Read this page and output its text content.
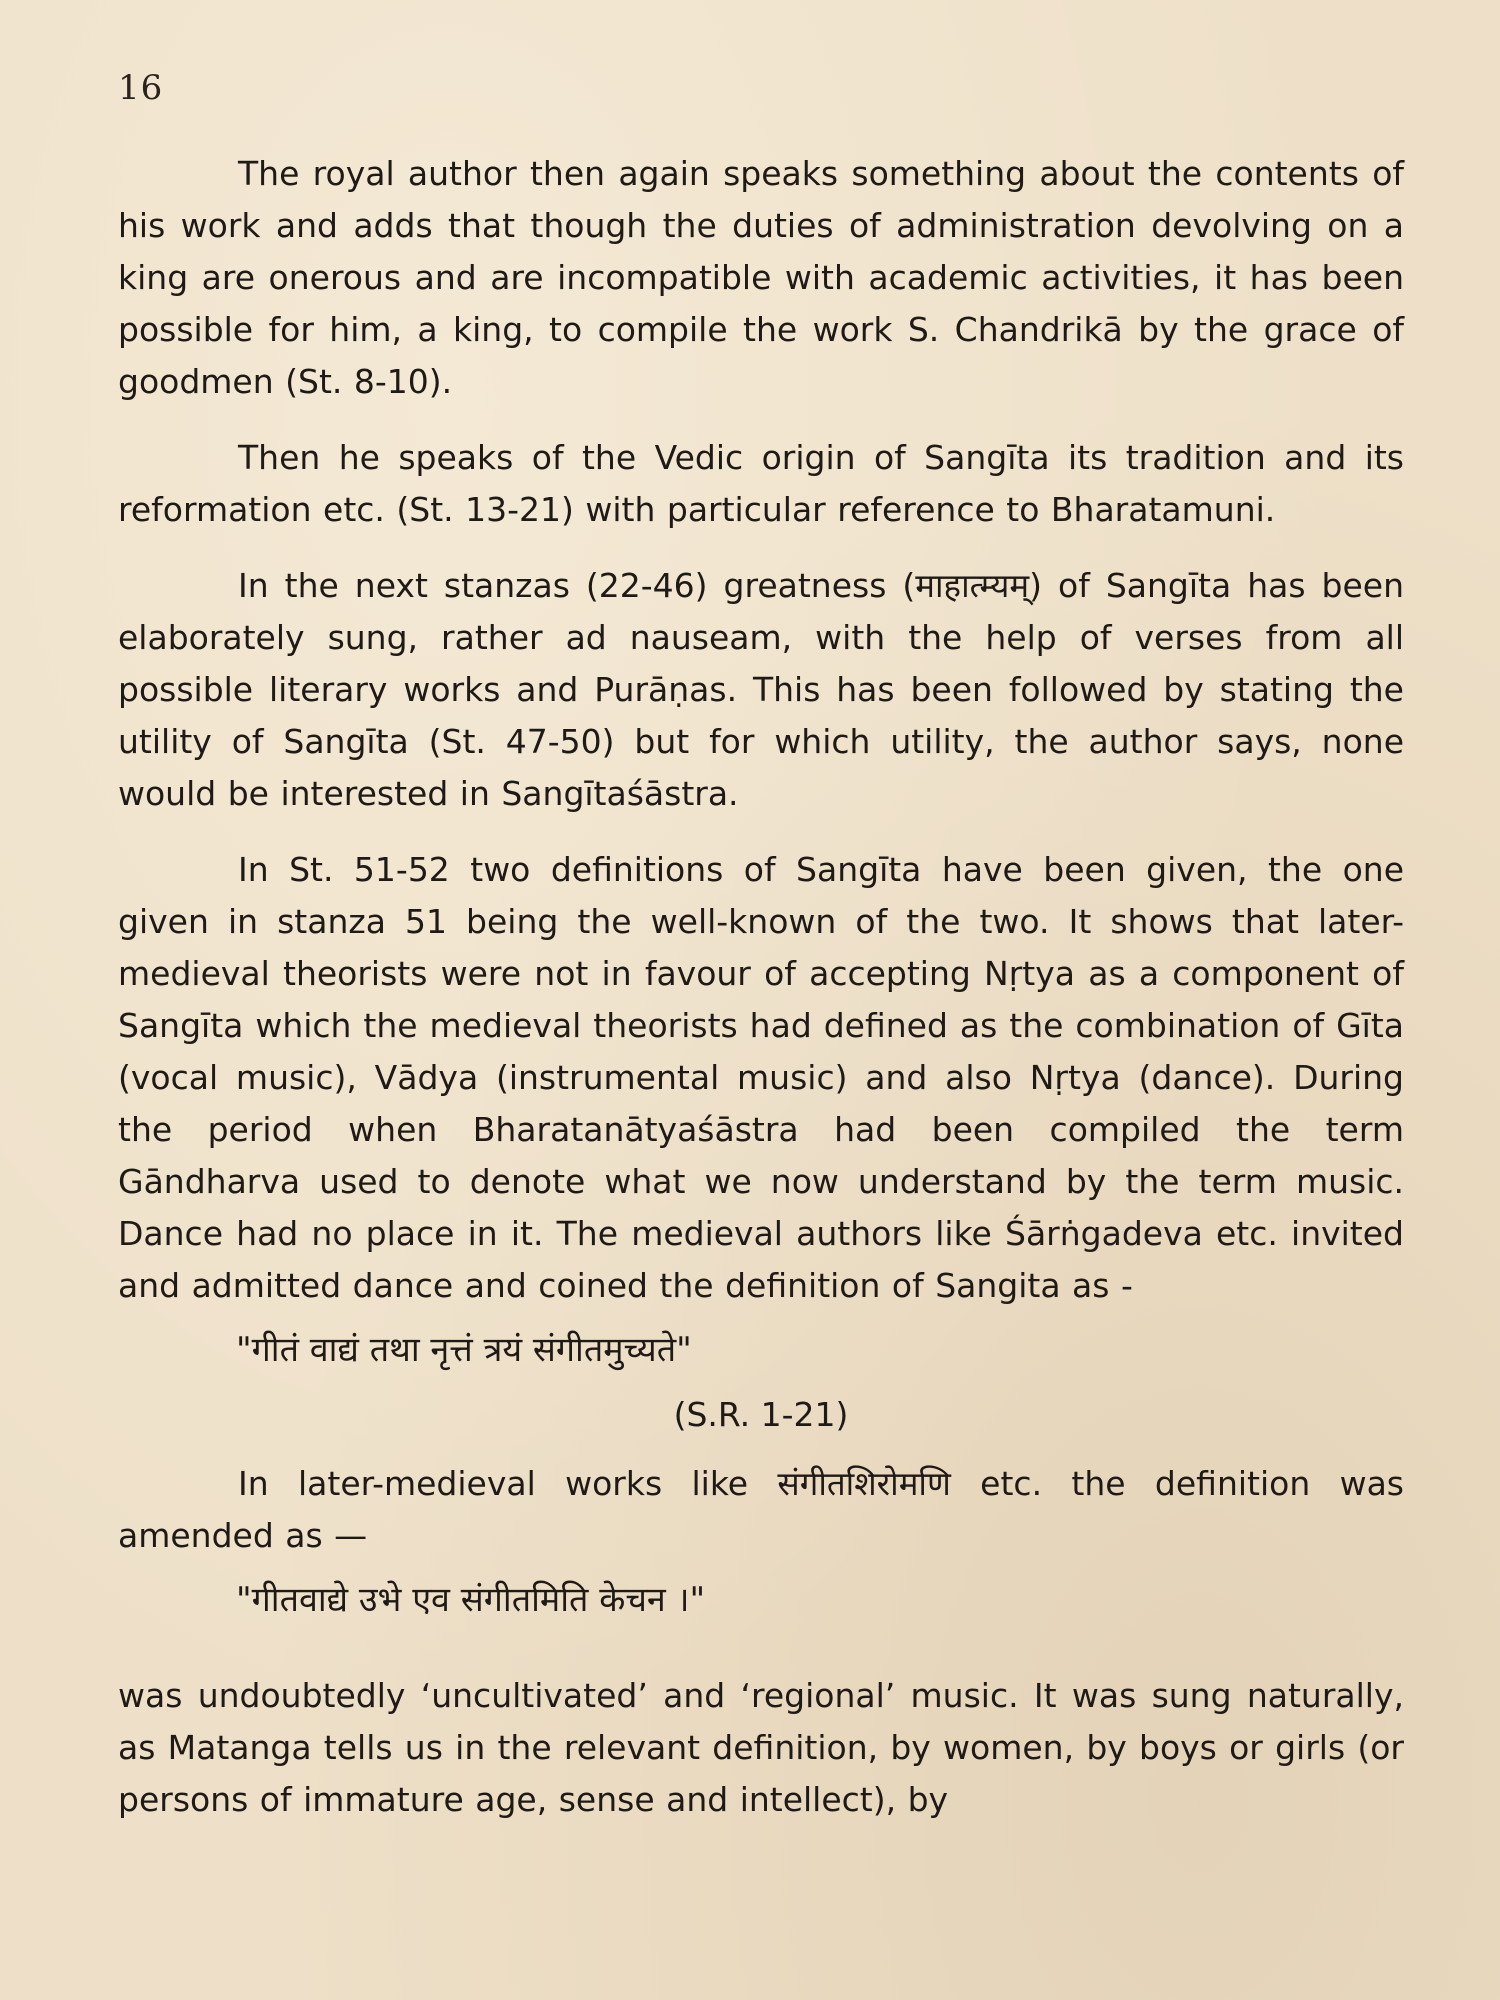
16

The royal author then again speaks something about the contents of his work and adds that though the duties of administration devolving on a king are onerous and are incompatible with academic activities, it has been possible for him, a king, to compile the work S. Chandrikā by the grace of goodmen (St. 8-10).

Then he speaks of the Vedic origin of Sangīta its tradition and its reformation etc. (St. 13-21) with particular reference to Bharatamuni.

In the next stanzas (22-46) greatness (माहात्म्यम्) of Sangīta has been elaborately sung, rather ad nauseam, with the help of verses from all possible literary works and Purāṇas. This has been followed by stating the utility of Sangīta (St. 47-50) but for which utility, the author says, none would be interested in Sangītaśāstra.

In St. 51-52 two definitions of Sangīta have been given, the one given in stanza 51 being the well-known of the two. It shows that later-medieval theorists were not in favour of accepting Nṛtya as a component of Sangīta which the medieval theorists had defined as the combination of Gīta (vocal music), Vādya (instrumental music) and also Nṛtya (dance). During the period when Bharatanātyaśāstra had been compiled the term Gāndharva used to denote what we now understand by the term music. Dance had no place in it. The medieval authors like Śārṅgadeva etc. invited and admitted dance and coined the definition of Sangita as -

"गीतं वाद्यं तथा नृत्तं त्रयं संगीतमुच्यते"
(S.R. 1-21)

In later-medieval works like संगीतशिरोमणि etc. the definition was amended as —

"गीतवाद्ये उभे एव संगीतमिति केचन ।"

was undoubtedly ‘uncultivated’ and ‘regional’ music. It was sung naturally, as Matanga tells us in the relevant definition, by women, by boys or girls (or persons of immature age, sense and intellect), by
